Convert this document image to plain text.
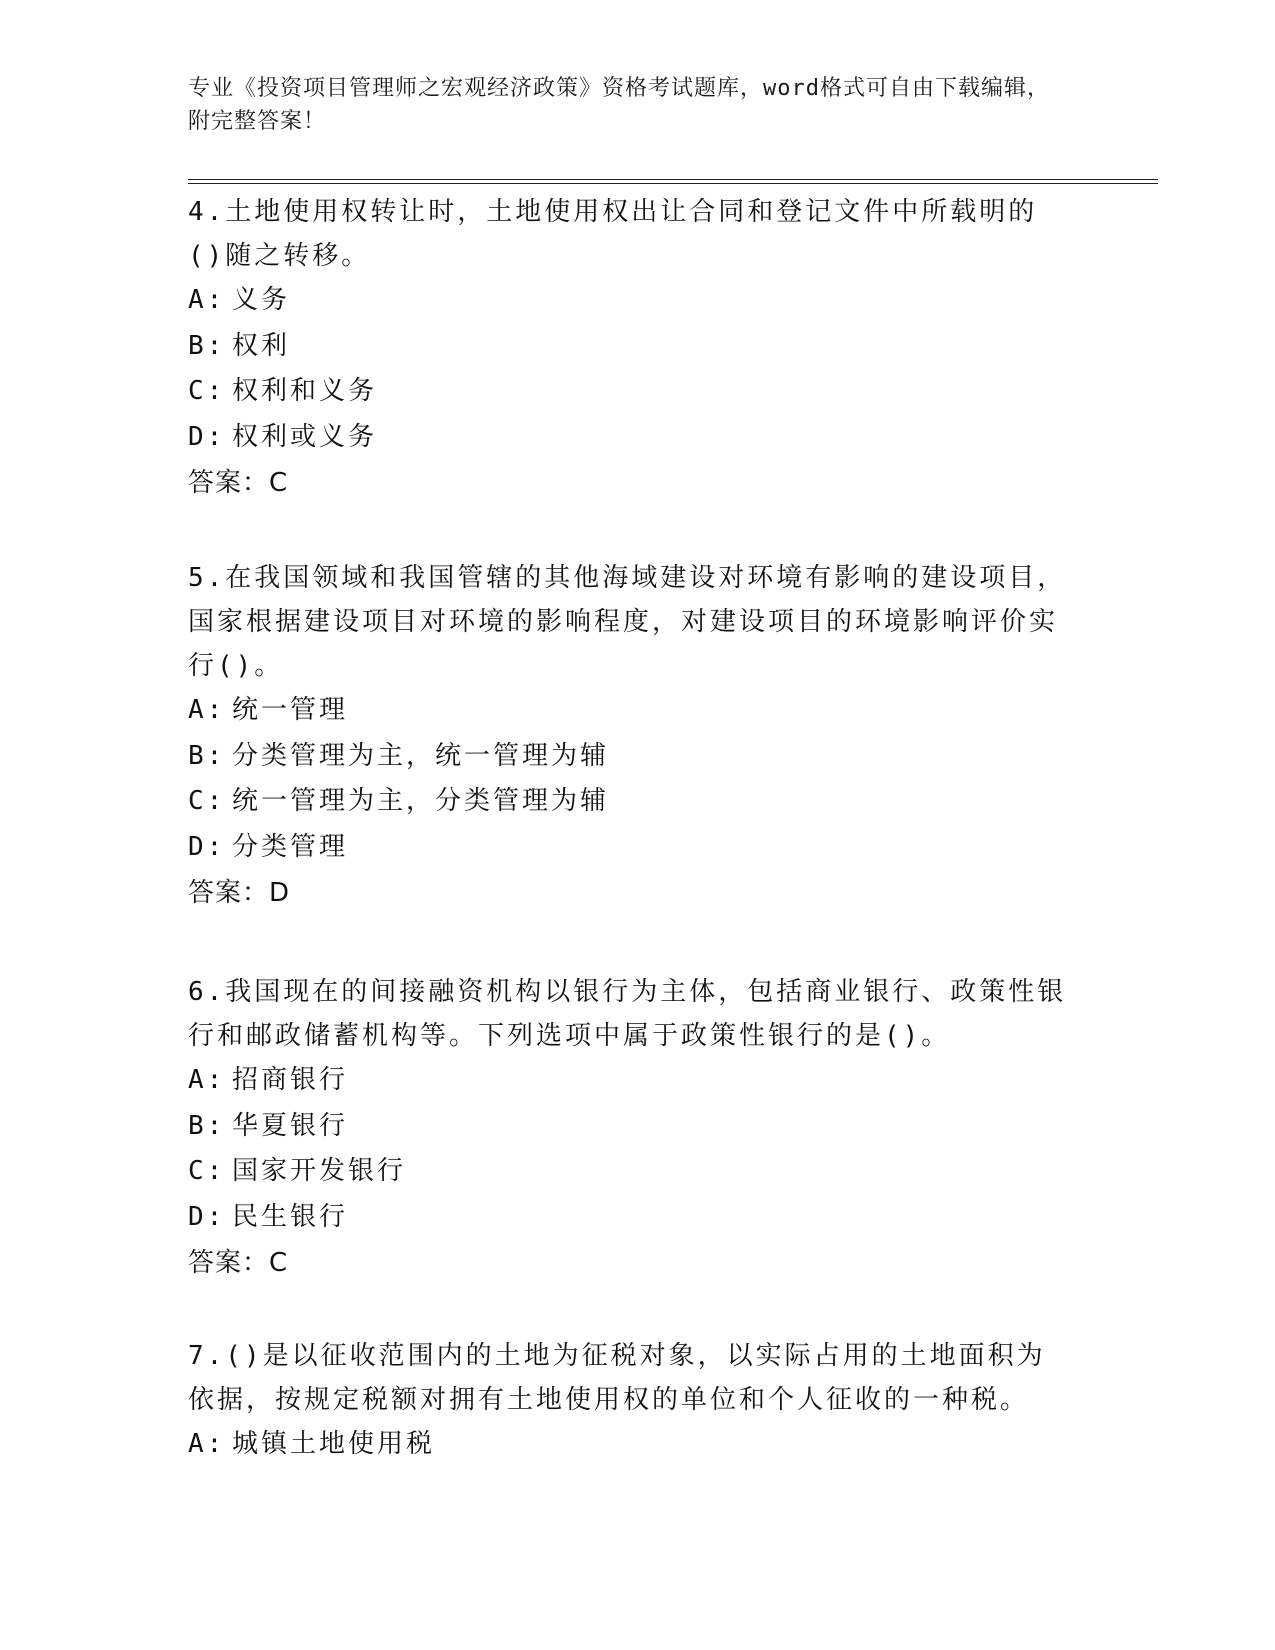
专业《投资项目管理师之宏观经济政策》资格考试题库，word格式可自由下载编辑，附完整答案！
4.土地使用权转让时，土地使用权出让合同和登记文件中所载明的()随之转移。
A: 义务
B: 权利
C: 权利和义务
D: 权利或义务
答案：C
5.在我国领域和我国管辖的其他海域建设对环境有影响的建设项目，国家根据建设项目对环境的影响程度，对建设项目的环境影响评价实行()。
A: 统一管理
B: 分类管理为主，统一管理为辅
C: 统一管理为主，分类管理为辅
D: 分类管理
答案：D
6.我国现在的间接融资机构以银行为主体，包括商业银行、政策性银行和邮政储蓄机构等。下列选项中属于政策性银行的是()。
A: 招商银行
B: 华夏银行
C: 国家开发银行
D: 民生银行
答案：C
7.()是以征收范围内的土地为征税对象，以实际占用的土地面积为依据，按规定税额对拥有土地使用权的单位和个人征收的一种税。
A: 城镇土地使用税
